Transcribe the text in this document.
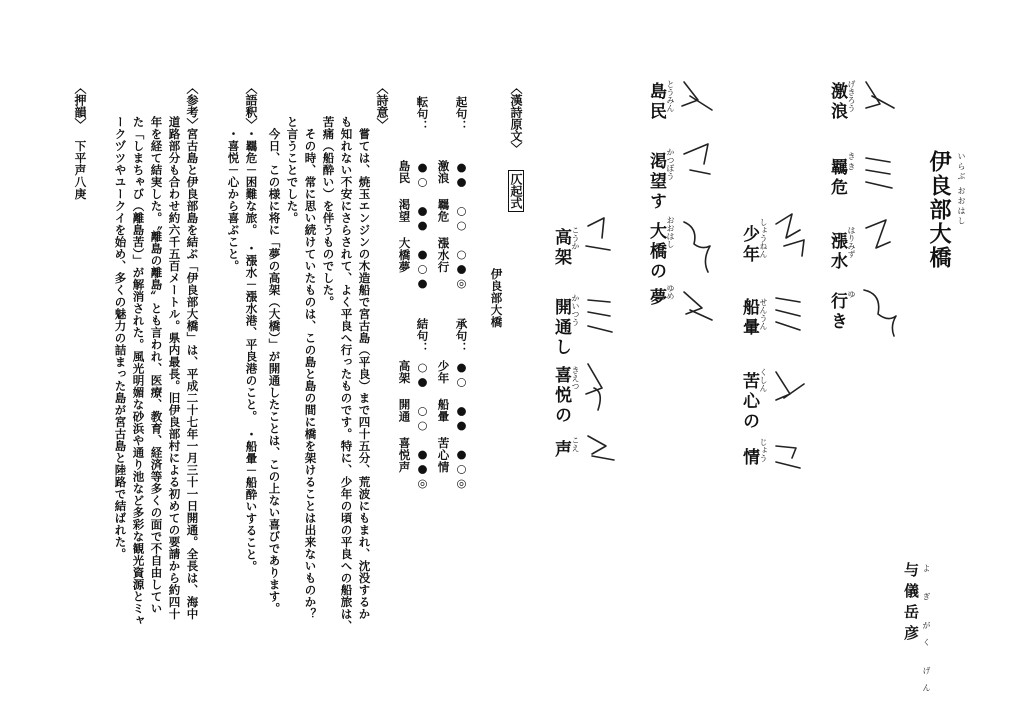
伊良部大橋 いらぶ おおはし
与儀岳彦 よ ぎ がく げん
激浪
羈危
漲水
行き
げきろう
き き
はりみず
ゆ
少年
船暈
苦心の
情
しょうねん
せんうん
くしん
じょう
島民
渇望す
大橋の
夢
とうみん
かつぼう
おおはし
ゆめ
高架
開通し
喜悦の
声
こうか
かいつう
きえつ
こえ
〈漢詩原文〉
仄起式
伊良部大橋
起句：
●● ○○ ○●◎
激浪 羈危 漲水行
承句：
●○ ●● ●○◎
少年 船暈 苦心情
転句：
●○ ●● ●○●
島民 渇望 大橋夢
結句：
○● ○○ ●●◎
高架 開通 喜悦声
〈詩意〉
嘗ては、焼玉エンジンの木造船で宮古島（平良）まで四十五分、荒波にもまれ、沈没するか
も知れない不安にさらされて、よく平良へ行ったものです。特に、少年の頃の平良への船旅は、
苦痛（船酔い）を伴うものでした。
その時、常に思い続けていたものは、この島と島の間に橋を架けることは出来ないものか？
と言うことでした。
今日、この様に将に「夢の高架（大橋）」が開通したことは、この上ない喜びであります。
〈語釈〉
・羈危－困難な旅。　・漲水－漲水港、平良港のこと。　・船暈－船酔いすること。
・喜悦－心から喜ぶこと。
〈参考〉
宮古島と伊良部島を結ぶ「伊良部大橋」は、平成二十七年一月三十一日開通。全長は、海中
道路部分も合わせ約六千五百メートル。県内最長。旧伊良部村による初めての要請から約四十
年を経て結実した。〝離島の離島〟とも言われ、医療、教育、経済等多くの面で不自由してい
た「しまちゃび（離島苦）」が解消された。風光明媚な砂浜や通り池など多彩な観光資源とミャ
ークヅツやユークイを始め、多くの魅力の詰まった島が宮古島と陸路で結ばれた。
〈押韻〉
下平声八庚
